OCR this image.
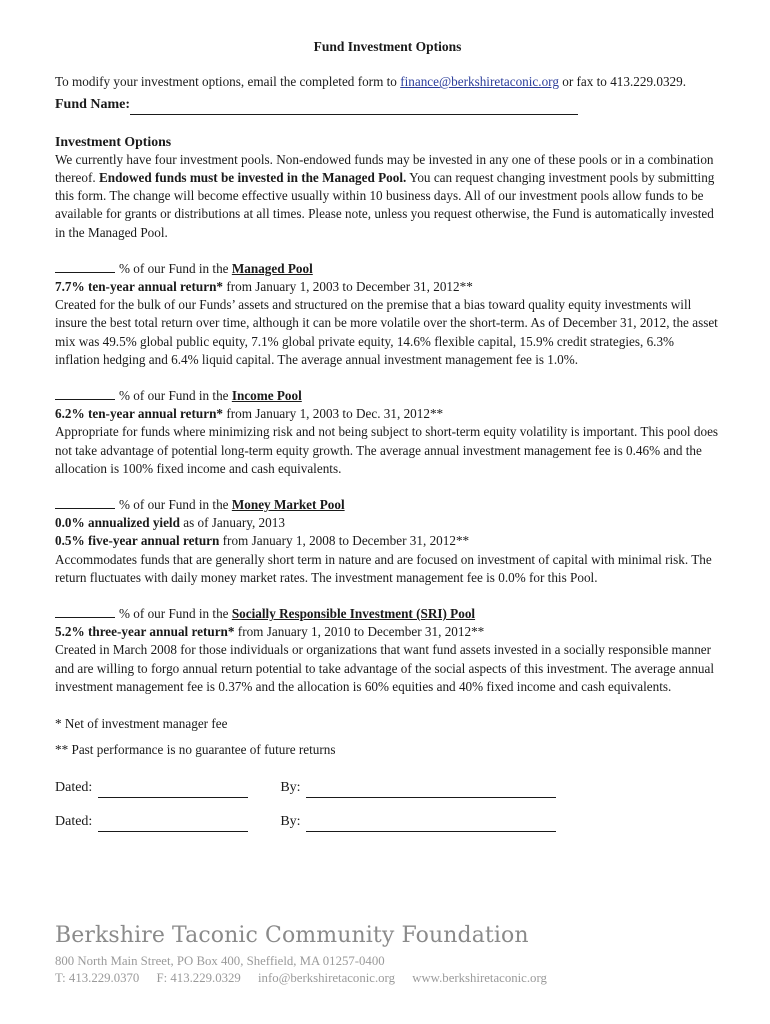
Fund Investment Options

To modify your investment options, email the completed form to finance@berkshiretaconic.org or fax to 413.229.0329.

Fund Name:
Investment Options

We currently have four investment pools. Non-endowed funds may be invested in any one of these pools or in a combination thereof. Endowed funds must be invested in the Managed Pool. You can request changing investment pools by submitting this form. The change will become effective usually within 10 business days. All of our investment pools allow funds to be available for grants or distributions at all times. Please note, unless you request otherwise, the Fund is automatically invested in the Managed Pool.

% of our Fund in the Managed Pool
7.7% ten-year annual return* from January 1, 2003 to December 31, 2012**
Created for the bulk of our Funds’ assets and structured on the premise that a bias toward quality equity investments will insure the best total return over time, although it can be more volatile over the short-term. As of December 31, 2012, the asset mix was 49.5% global public equity, 7.1% global private equity, 14.6% flexible capital, 15.9% credit strategies, 6.3% inflation hedging and 6.4% liquid capital. The average annual investment management fee is 1.0%.
% of our Fund in the Income Pool
6.2% ten-year annual return* from January 1, 2003 to Dec. 31, 2012**
Appropriate for funds where minimizing risk and not being subject to short-term equity volatility is important. This pool does not take advantage of potential long-term equity growth. The average annual investment management fee is 0.46% and the allocation is 100% fixed income and cash equivalents.
% of our Fund in the Money Market Pool
0.0% annualized yield as of January, 2013
0.5% five-year annual return from January 1, 2008 to December 31, 2012**
Accommodates funds that are generally short term in nature and are focused on investment of capital with minimal risk. The return fluctuates with daily money market rates. The investment management fee is 0.0% for this Pool.
% of our Fund in the Socially Responsible Investment (SRI) Pool
5.2% three-year annual return* from January 1, 2010 to December 31, 2012**
Created in March 2008 for those individuals or organizations that want fund assets invested in a socially responsible manner and are willing to forgo annual return potential to take advantage of the social aspects of this investment. The average annual investment management fee is 0.37% and the allocation is 60% equities and 40% fixed income and cash equivalents.
* Net of investment manager fee
** Past performance is no guarantee of future returns
Dated:	By:
Dated:	By:
Berkshire Taconic Community Foundation
800 North Main Street, PO Box 400, Sheffield, MA 01257-0400
T: 413.229.0370 F: 413.229.0329 info@berkshiretaconic.org www.berkshiretaconic.org
